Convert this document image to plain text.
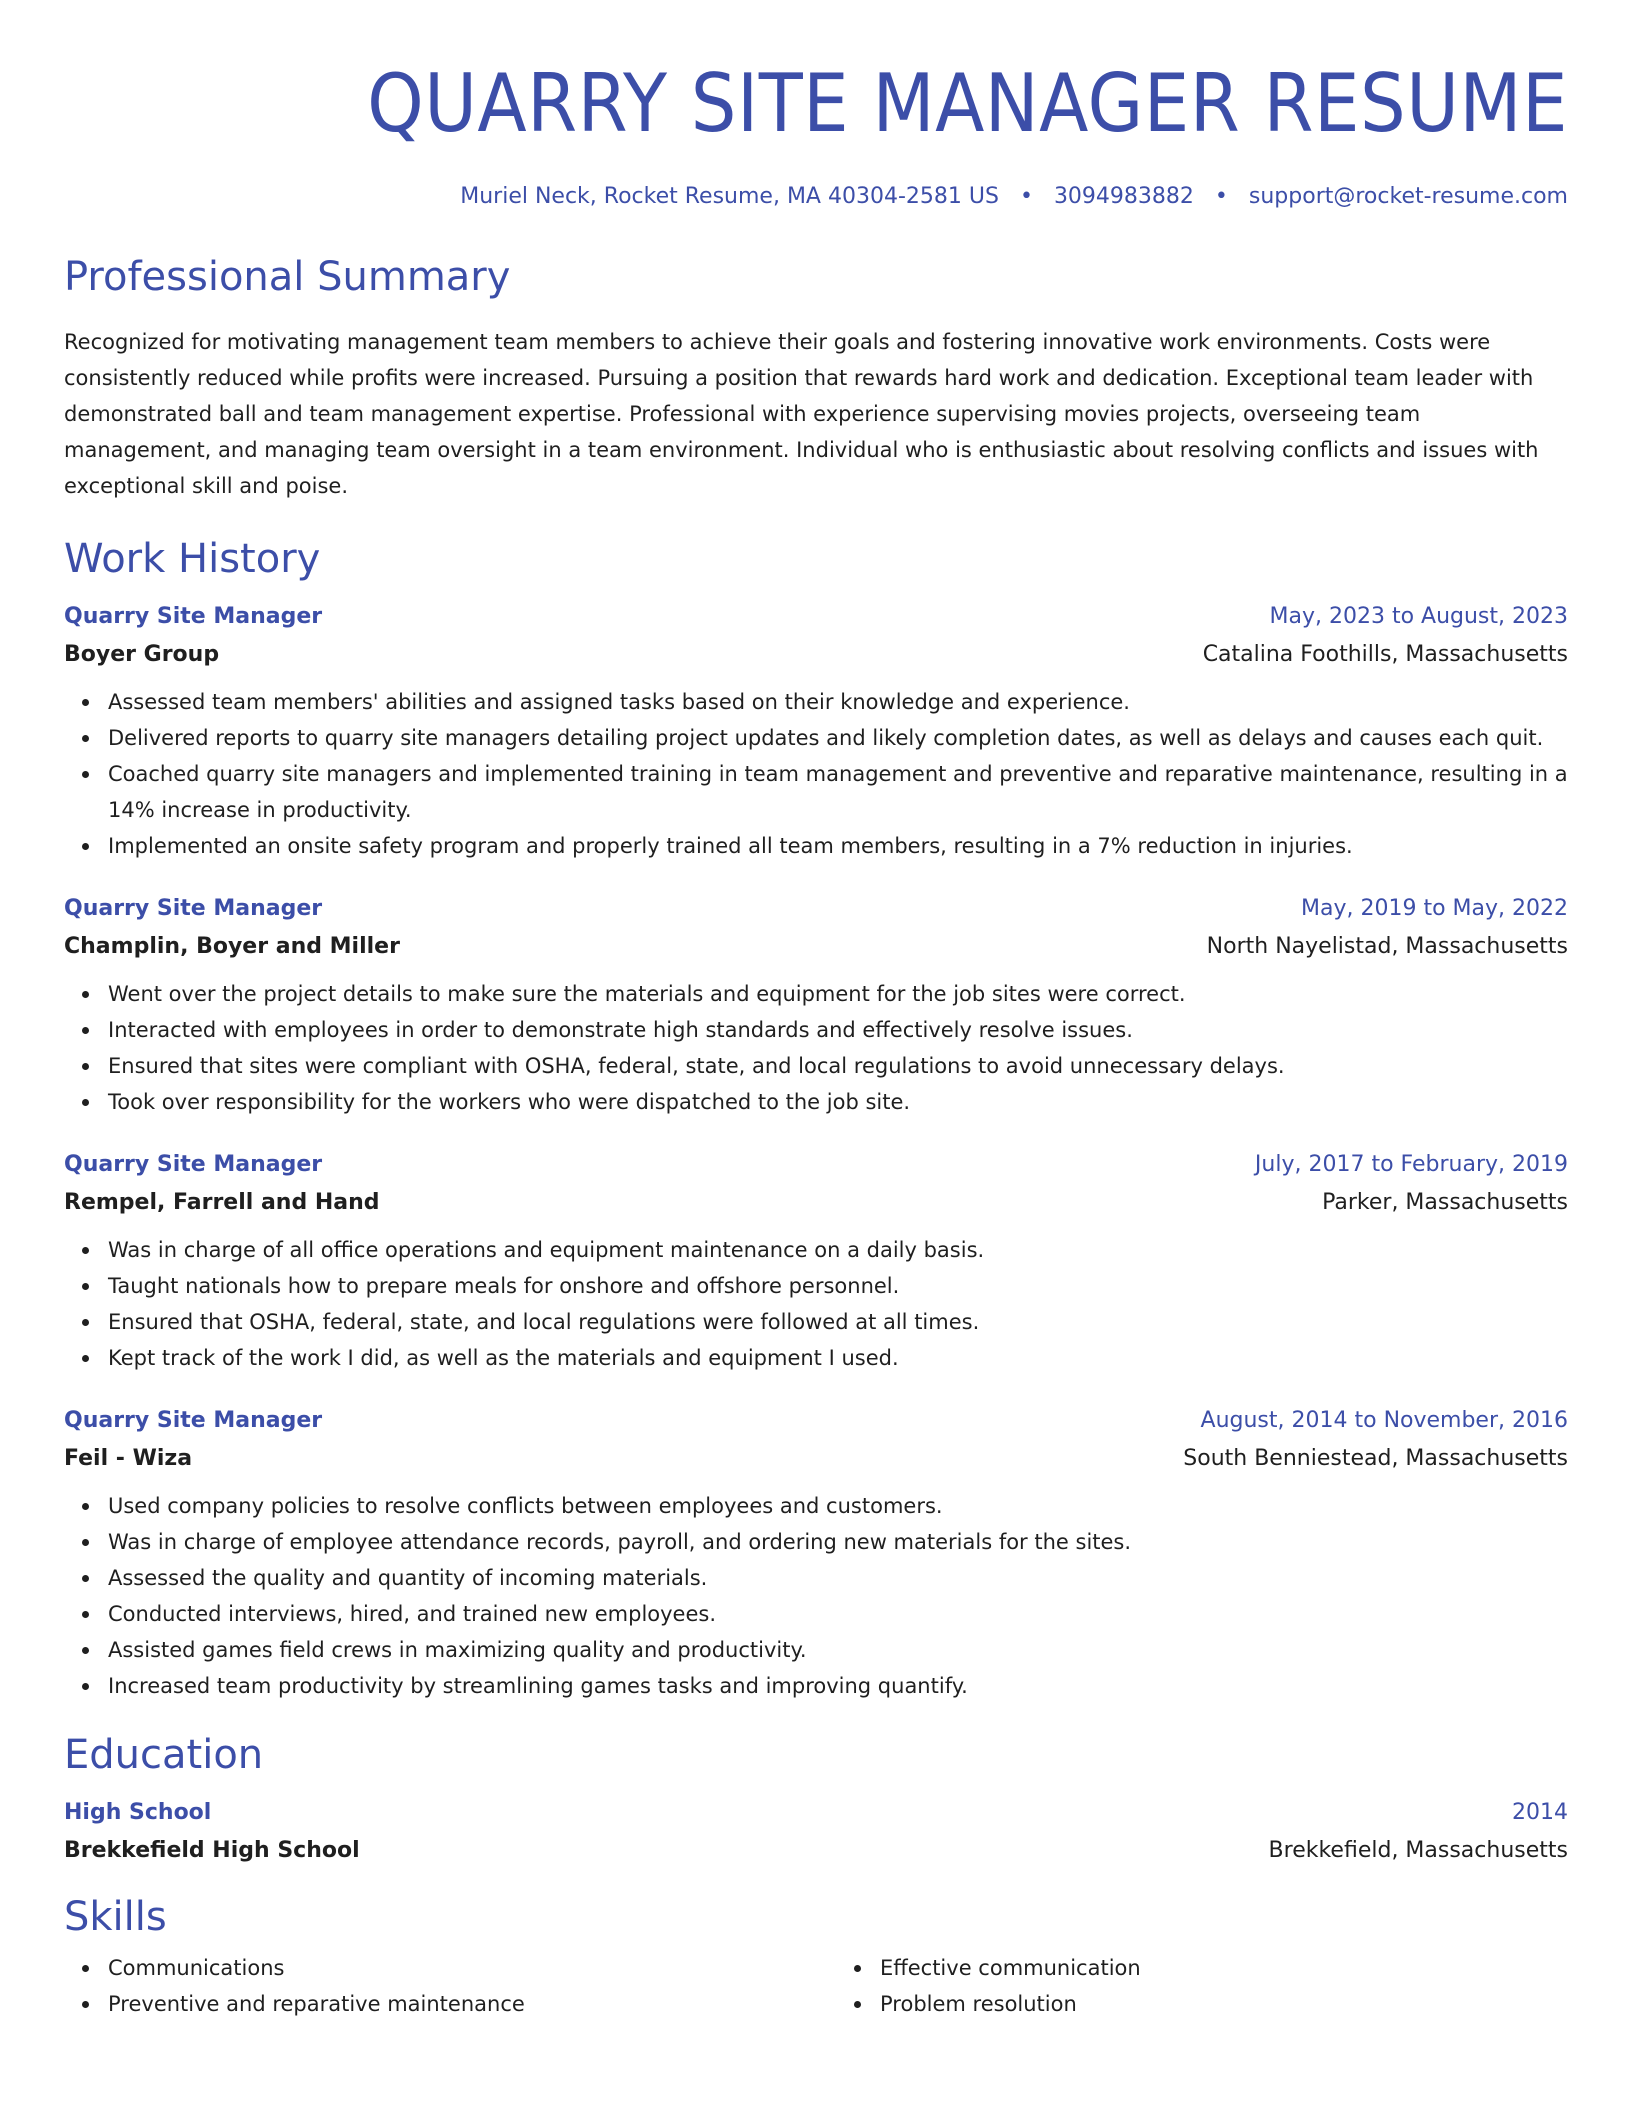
QUARRY SITE MANAGER RESUME
Muriel Neck, Rocket Resume, MA 40304-2581 US • 3094983882 • support@rocket-resume.com
Professional Summary

Recognized for motivating management team members to achieve their goals and fostering innovative work environments. Costs were consistently reduced while profits were increased. Pursuing a position that rewards hard work and dedication. Exceptional team leader with demonstrated ball and team management expertise. Professional with experience supervising movies projects, overseeing team management, and managing team oversight in a team environment. Individual who is enthusiastic about resolving conflicts and issues with exceptional skill and poise.

Work History
Quarry Site Manager	May, 2023 to August, 2023
Boyer Group	Catalina Foothills, Massachusetts
Assessed team members' abilities and assigned tasks based on their knowledge and experience.
Delivered reports to quarry site managers detailing project updates and likely completion dates, as well as delays and causes each quit.
Coached quarry site managers and implemented training in team management and preventive and reparative maintenance, resulting in a 14% increase in productivity.
Implemented an onsite safety program and properly trained all team members, resulting in a 7% reduction in injuries.
Quarry Site Manager	May, 2019 to May, 2022
Champlin, Boyer and Miller	North Nayelistad, Massachusetts
Went over the project details to make sure the materials and equipment for the job sites were correct.
Interacted with employees in order to demonstrate high standards and effectively resolve issues.
Ensured that sites were compliant with OSHA, federal, state, and local regulations to avoid unnecessary delays.
Took over responsibility for the workers who were dispatched to the job site.
Quarry Site Manager	July, 2017 to February, 2019
Rempel, Farrell and Hand	Parker, Massachusetts
Was in charge of all office operations and equipment maintenance on a daily basis.
Taught nationals how to prepare meals for onshore and offshore personnel.
Ensured that OSHA, federal, state, and local regulations were followed at all times.
Kept track of the work I did, as well as the materials and equipment I used.
Quarry Site Manager	August, 2014 to November, 2016
Feil - Wiza	South Benniestead, Massachusetts
Used company policies to resolve conflicts between employees and customers.
Was in charge of employee attendance records, payroll, and ordering new materials for the sites.
Assessed the quality and quantity of incoming materials.
Conducted interviews, hired, and trained new employees.
Assisted games field crews in maximizing quality and productivity.
Increased team productivity by streamlining games tasks and improving quantify.
Education
High School	2014
Brekkefield High School	Brekkefield, Massachusetts
Skills
Communications
Preventive and reparative maintenance
Effective communication
Problem resolution
